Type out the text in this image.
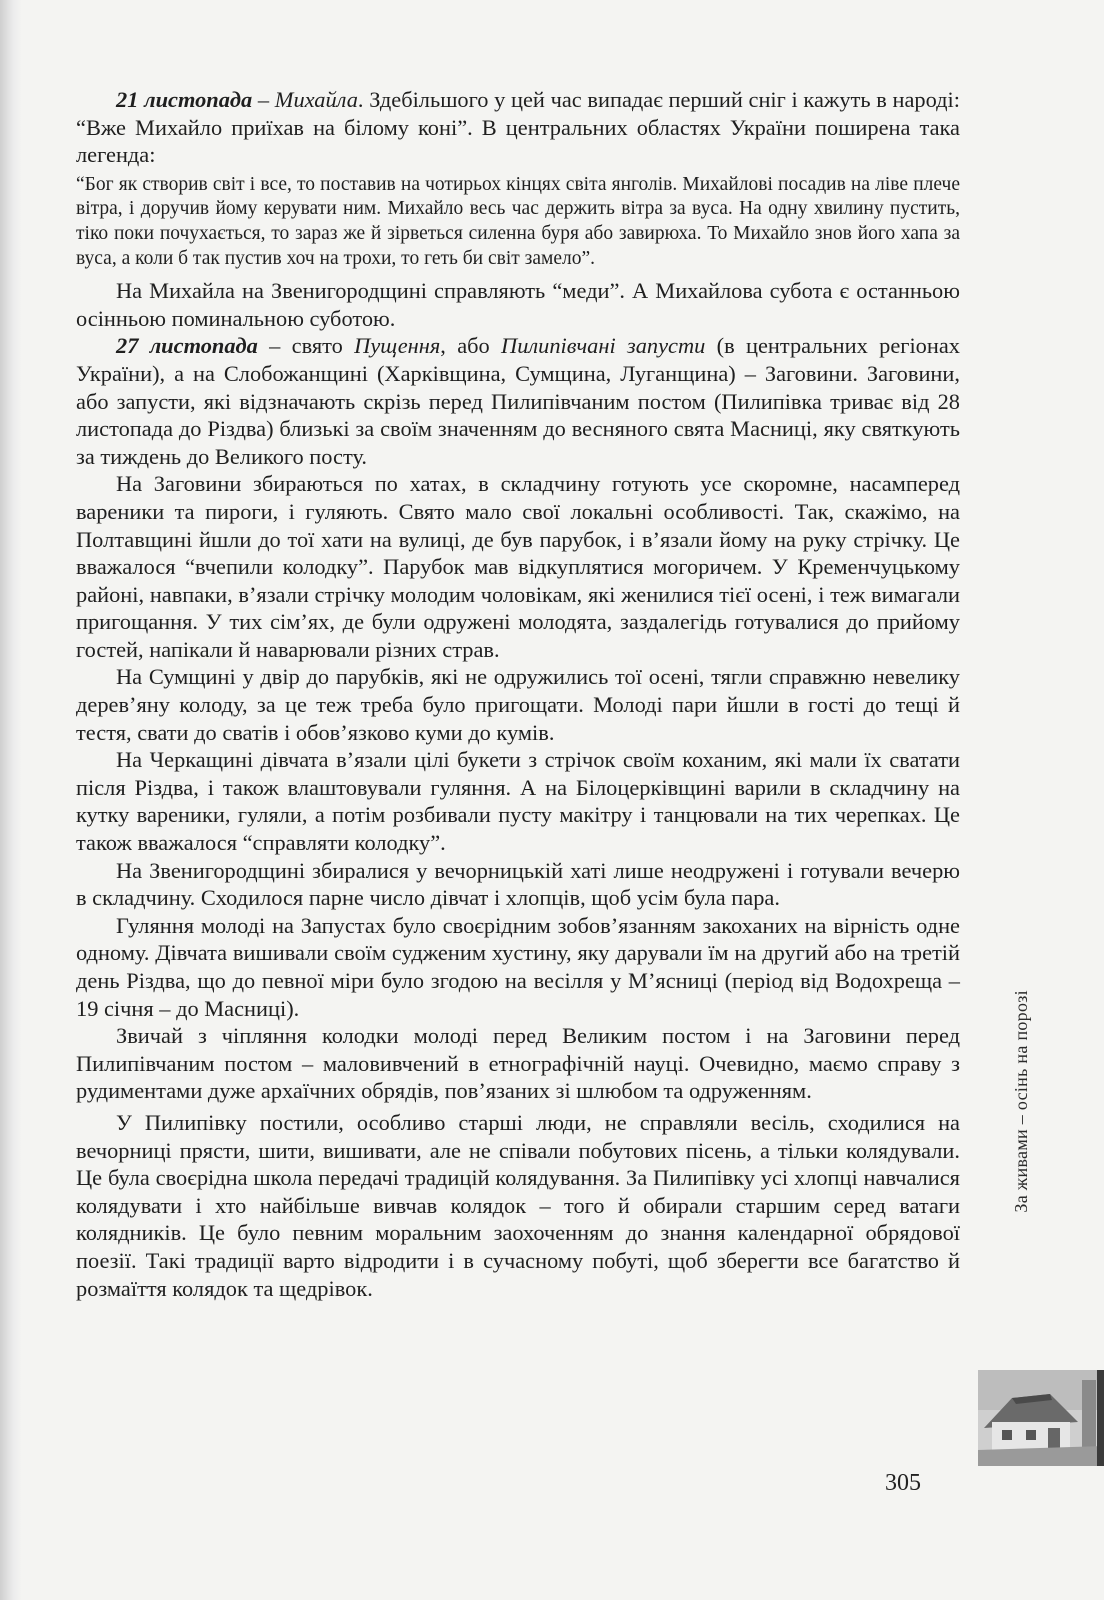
21 листопада – Михайла. Здебільшого у цей час випадає перший сніг і кажуть в народі: “Вже Михайло приїхав на білому коні”. В центральних областях України поширена така легенда:

“Бог як створив світ і все, то поставив на чотирьох кінцях світа янголів. Михайлові посадив на ліве плече вітра, і доручив йому керувати ним. Михайло весь час держить вітра за вуса. На одну хвилину пустить, тіко поки почухається, то зараз же й зірветься силенна буря або завирюха. То Михайло знов його хапа за вуса, а коли б так пустив хоч на трохи, то геть би світ замело”.

На Михайла на Звенигородщині справляють “меди”. А Михайлова субота є останньою осінньою поминальною суботою.

27 листопада – свято Пущення, або Пилипівчані запусти (в центральних регіонах України), а на Слобожанщині (Харківщина, Сумщина, Луганщина) – Заговини. Заговини, або запусти, які відзначають скрізь перед Пилипівчаним постом (Пилипівка триває від 28 листопада до Різдва) близькі за своїм значенням до весняного свята Масниці, яку святкують за тиждень до Великого посту.

На Заговини збираються по хатах, в складчину готують усе скоромне, насамперед вареники та пироги, і гуляють. Свято мало свої локальні особливості. Так, скажімо, на Полтавщині йшли до тої хати на вулиці, де був парубок, і в’язали йому на руку стрічку. Це вважалося “вчепили колодку”. Парубок мав відкуплятися могоричем. У Кременчуцькому районі, навпаки, в’язали стрічку молодим чоловікам, які женилися тієї осені, і теж вимагали пригощання. У тих сім’ях, де були одружені молодята, заздалегідь готувалися до прийому гостей, напікали й наварювали різних страв.

На Сумщині у двір до парубків, які не одружились тої осені, тягли справжню невелику дерев’яну колоду, за це теж треба було пригощати. Молоді пари йшли в гості до тещі й тестя, свати до сватів і обов’язково куми до кумів.

На Черкащині дівчата в’язали цілі букети з стрічок своїм коханим, які мали їх сватати після Різдва, і також влаштовували гуляння. А на Білоцерківщині варили в складчину на кутку вареники, гуляли, а потім розбивали пусту макітру і танцювали на тих черепках. Це також вважалося “справляти колодку”.

На Звенигородщині збиралися у вечорницькій хаті лише неодружені і готували вечерю в складчину. Сходилося парне число дівчат і хлопців, щоб усім була пара.

Гуляння молоді на Запустах було своєрідним зобов’язанням закоханих на вірність одне одному. Дівчата вишивали своїм судженим хустину, яку дарували їм на другий або на третій день Різдва, що до певної міри було згодою на весілля у М’ясниці (період від Водохреща – 19 січня – до Масниці).

Звичай з чіпляння колодки молоді перед Великим постом і на Заговини перед Пилипівчаним постом – маловивчений в етнографічній науці. Очевидно, маємо справу з рудиментами дуже архаїчних обрядів, пов’язаних зі шлюбом та одруженням.

У Пилипівку постили, особливо старші люди, не справляли весіль, сходилися на вечорниці прясти, шити, вишивати, але не співали побутових пісень, а тільки колядували. Це була своєрідна школа передачі традицій колядування. За Пилипівку усі хлопці навчалися колядувати і хто найбільше вивчав колядок – того й обирали старшим серед ватаги колядників. Це було певним моральним заохоченням до знання календарної обрядової поезії. Такі традиції варто відродити і в сучасному побуті, щоб зберегти все багатство й розмаїття колядок та щедрівок.

За живами – осінь на порозі
305
